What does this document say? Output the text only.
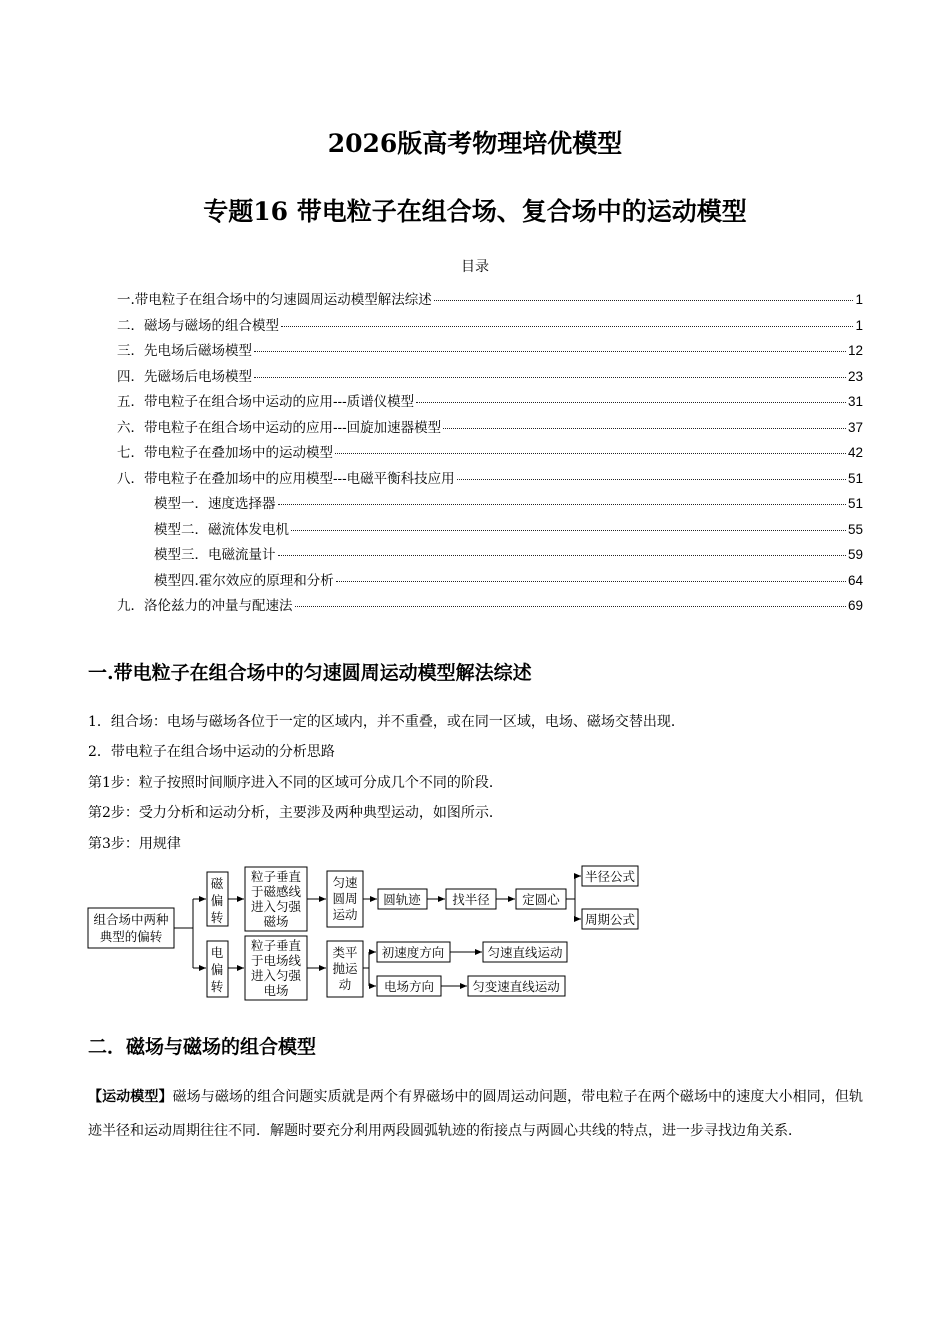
2026版高考物理培优模型
专题16 带电粒子在组合场、复合场中的运动模型
目录
一.带电粒子在组合场中的匀速圆周运动模型解法综述	1
二．磁场与磁场的组合模型	1
三．先电场后磁场模型	12
四．先磁场后电场模型	23
五．带电粒子在组合场中运动的应用---质谱仪模型	31
六．带电粒子在组合场中运动的应用---回旋加速器模型	37
七．带电粒子在叠加场中的运动模型	42
八．带电粒子在叠加场中的应用模型---电磁平衡科技应用	51
模型一．速度选择器	51
模型二．磁流体发电机	55
模型三．电磁流量计	59
模型四.霍尔效应的原理和分析	64
九．洛伦兹力的冲量与配速法	69
一.带电粒子在组合场中的匀速圆周运动模型解法综述
1．组合场：电场与磁场各位于一定的区域内，并不重叠，或在同一区域，电场、磁场交替出现．
2．带电粒子在组合场中运动的分析思路
第1步：粒子按照时间顺序进入不同的区域可分成几个不同的阶段．
第2步：受力分析和运动分析，主要涉及两种典型运动，如图所示．
第3步：用规律
组合场中两种
典型的偏转
磁
偏
转
粒子垂直
于磁感线
进入匀强
磁场
匀速
圆周
运动
圆轨迹	找半径	定圆心
半径公式
周期公式
电
偏
转
粒子垂直
于电场线
进入匀强
电场
类平
抛运
动
初速度方向	匀速直线运动
电场方向	匀变速直线运动
二．磁场与磁场的组合模型
【运动模型】磁场与磁场的组合问题实质就是两个有界磁场中的圆周运动问题，带电粒子在两个磁场中的速度大小相同，但轨迹半径和运动周期往往不同．解题时要充分利用两段圆弧轨迹的衔接点与两圆心共线的特点，进一步寻找边角关系．
